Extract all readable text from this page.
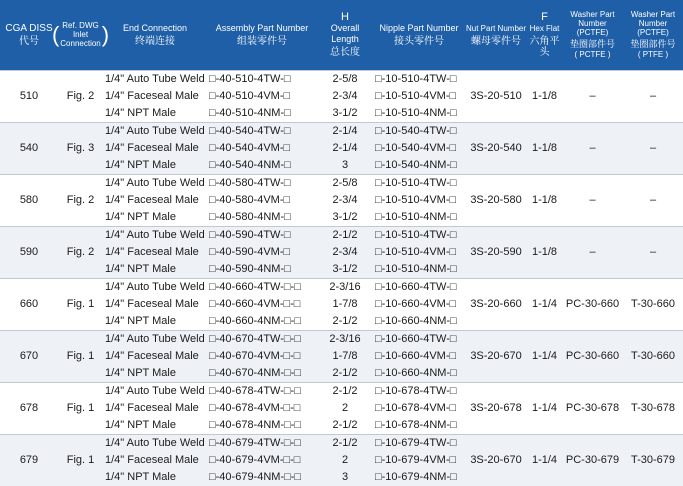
CGA DISS
代号	( Ref. DWG
Inlet
Connection )	End Connection
终端连接	Assembly Part Number
组装零件号	H
Overall Length
总长度	Nipple Part Number
接头零件号	Nut Part Number
螺母零件号	F
Hex Flat
六角平头	Washer Part
Number (PCTFE)
垫圈部件号
( PCTFE )	Washer Part
Number (PCTFE)
垫圈部件号
( PTFE )

510	Fig. 2	1/4" Auto Tube Weld	□-40-510-4TW-□	2-5/8	□-10-510-4TW-□	3S-20-510	1-1/8	–	–
		1/4" Faceseal Male	□-40-510-4VM-□	2-3/4	□-10-510-4VM-□				
		1/4" NPT Male	□-40-510-4NM-□	3-1/2	□-10-510-4NM-□				
540	Fig. 3	1/4" Auto Tube Weld	□-40-540-4TW-□	2-1/4	□-10-540-4TW-□	3S-20-540	1-1/8	–	–
		1/4" Faceseal Male	□-40-540-4VM-□	2-1/4	□-10-540-4VM-□				
		1/4" NPT Male	□-40-540-4NM-□	3	□-10-540-4NM-□				
580	Fig. 2	1/4" Auto Tube Weld	□-40-580-4TW-□	2-5/8	□-10-510-4TW-□	3S-20-580	1-1/8	–	–
		1/4" Faceseal Male	□-40-580-4VM-□	2-3/4	□-10-510-4VM-□				
		1/4" NPT Male	□-40-580-4NM-□	3-1/2	□-10-510-4NM-□				
590	Fig. 2	1/4" Auto Tube Weld	□-40-590-4TW-□	2-1/2	□-10-510-4TW-□	3S-20-590	1-1/8	–	–
		1/4" Faceseal Male	□-40-590-4VM-□	2-3/4	□-10-510-4VM-□				
		1/4" NPT Male	□-40-590-4NM-□	3-1/2	□-10-510-4NM-□				
660	Fig. 1	1/4" Auto Tube Weld	□-40-660-4TW-□-□	2-3/16	□-10-660-4TW-□	3S-20-660	1-1/4	PC-30-660	T-30-660
		1/4" Faceseal Male	□-40-660-4VM-□-□	1-7/8	□-10-660-4VM-□				
		1/4" NPT Male	□-40-660-4NM-□-□	2-1/2	□-10-660-4NM-□				
670	Fig. 1	1/4" Auto Tube Weld	□-40-670-4TW-□-□	2-3/16	□-10-660-4TW-□	3S-20-670	1-1/4	PC-30-660	T-30-660
		1/4" Faceseal Male	□-40-670-4VM-□-□	1-7/8	□-10-660-4VM-□				
		1/4" NPT Male	□-40-670-4NM-□-□	2-1/2	□-10-660-4NM-□				
678	Fig. 1	1/4" Auto Tube Weld	□-40-678-4TW-□-□	2-1/2	□-10-678-4TW-□	3S-20-678	1-1/4	PC-30-678	T-30-678
		1/4" Faceseal Male	□-40-678-4VM-□-□	2	□-10-678-4VM-□				
		1/4" NPT Male	□-40-678-4NM-□-□	2-1/2	□-10-678-4NM-□				
679	Fig. 1	1/4" Auto Tube Weld	□-40-679-4TW-□-□	2-1/2	□-10-679-4TW-□	3S-20-670	1-1/4	PC-30-679	T-30-679
		1/4" Faceseal Male	□-40-679-4VM-□-□	2	□-10-679-4VM-□				
		1/4" NPT Male	□-40-679-4NM-□-□	3	□-10-679-4NM-□				
